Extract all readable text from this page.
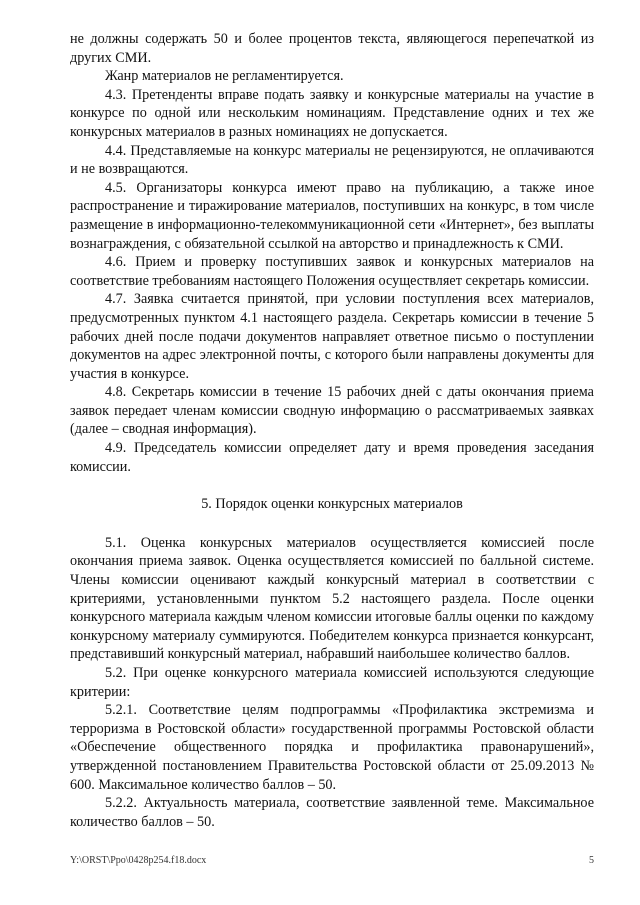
не должны содержать 50 и более процентов текста, являющегося перепечаткой из других СМИ.

Жанр материалов не регламентируется.

4.3. Претенденты вправе подать заявку и конкурсные материалы на участие в конкурсе по одной или нескольким номинациям. Представление одних и тех же конкурсных материалов в разных номинациях не допускается.

4.4. Представляемые на конкурс материалы не рецензируются, не оплачиваются и не возвращаются.

4.5. Организаторы конкурса имеют право на публикацию, а также иное распространение и тиражирование материалов, поступивших на конкурс, в том числе размещение в информационно-телекоммуникационной сети «Интернет», без выплаты вознаграждения, с обязательной ссылкой на авторство и принадлежность к СМИ.

4.6. Прием и проверку поступивших заявок и конкурсных материалов на соответствие требованиям настоящего Положения осуществляет секретарь комиссии.

4.7. Заявка считается принятой, при условии поступления всех материалов, предусмотренных пунктом 4.1 настоящего раздела. Секретарь комиссии в течение 5 рабочих дней после подачи документов направляет ответное письмо о поступлении документов на адрес электронной почты, с которого были направлены документы для участия в конкурсе.

4.8. Секретарь комиссии в течение 15 рабочих дней с даты окончания приема заявок передает членам комиссии сводную информацию о рассматриваемых заявках (далее – сводная информация).

4.9. Председатель комиссии определяет дату и время проведения заседания комиссии.

5. Порядок оценки конкурсных материалов

5.1. Оценка конкурсных материалов осуществляется комиссией после окончания приема заявок. Оценка осуществляется комиссией по балльной системе. Члены комиссии оценивают каждый конкурсный материал в соответствии с критериями, установленными пунктом 5.2 настоящего раздела. После оценки конкурсного материала каждым членом комиссии итоговые баллы оценки по каждому конкурсному материалу суммируются. Победителем конкурса признается конкурсант, представивший конкурсный материал, набравший наибольшее количество баллов.

5.2. При оценке конкурсного материала комиссией используются следующие критерии:

5.2.1. Соответствие целям подпрограммы «Профилактика экстремизма и терроризма в Ростовской области» государственной программы Ростовской области «Обеспечение общественного порядка и профилактика правонарушений», утвержденной постановлением Правительства Ростовской области от 25.09.2013 № 600. Максимальное количество баллов – 50.

5.2.2. Актуальность материала, соответствие заявленной теме. Максимальное количество баллов – 50.

Y:\ORST\Ppo\0428p254.f18.docx	5
